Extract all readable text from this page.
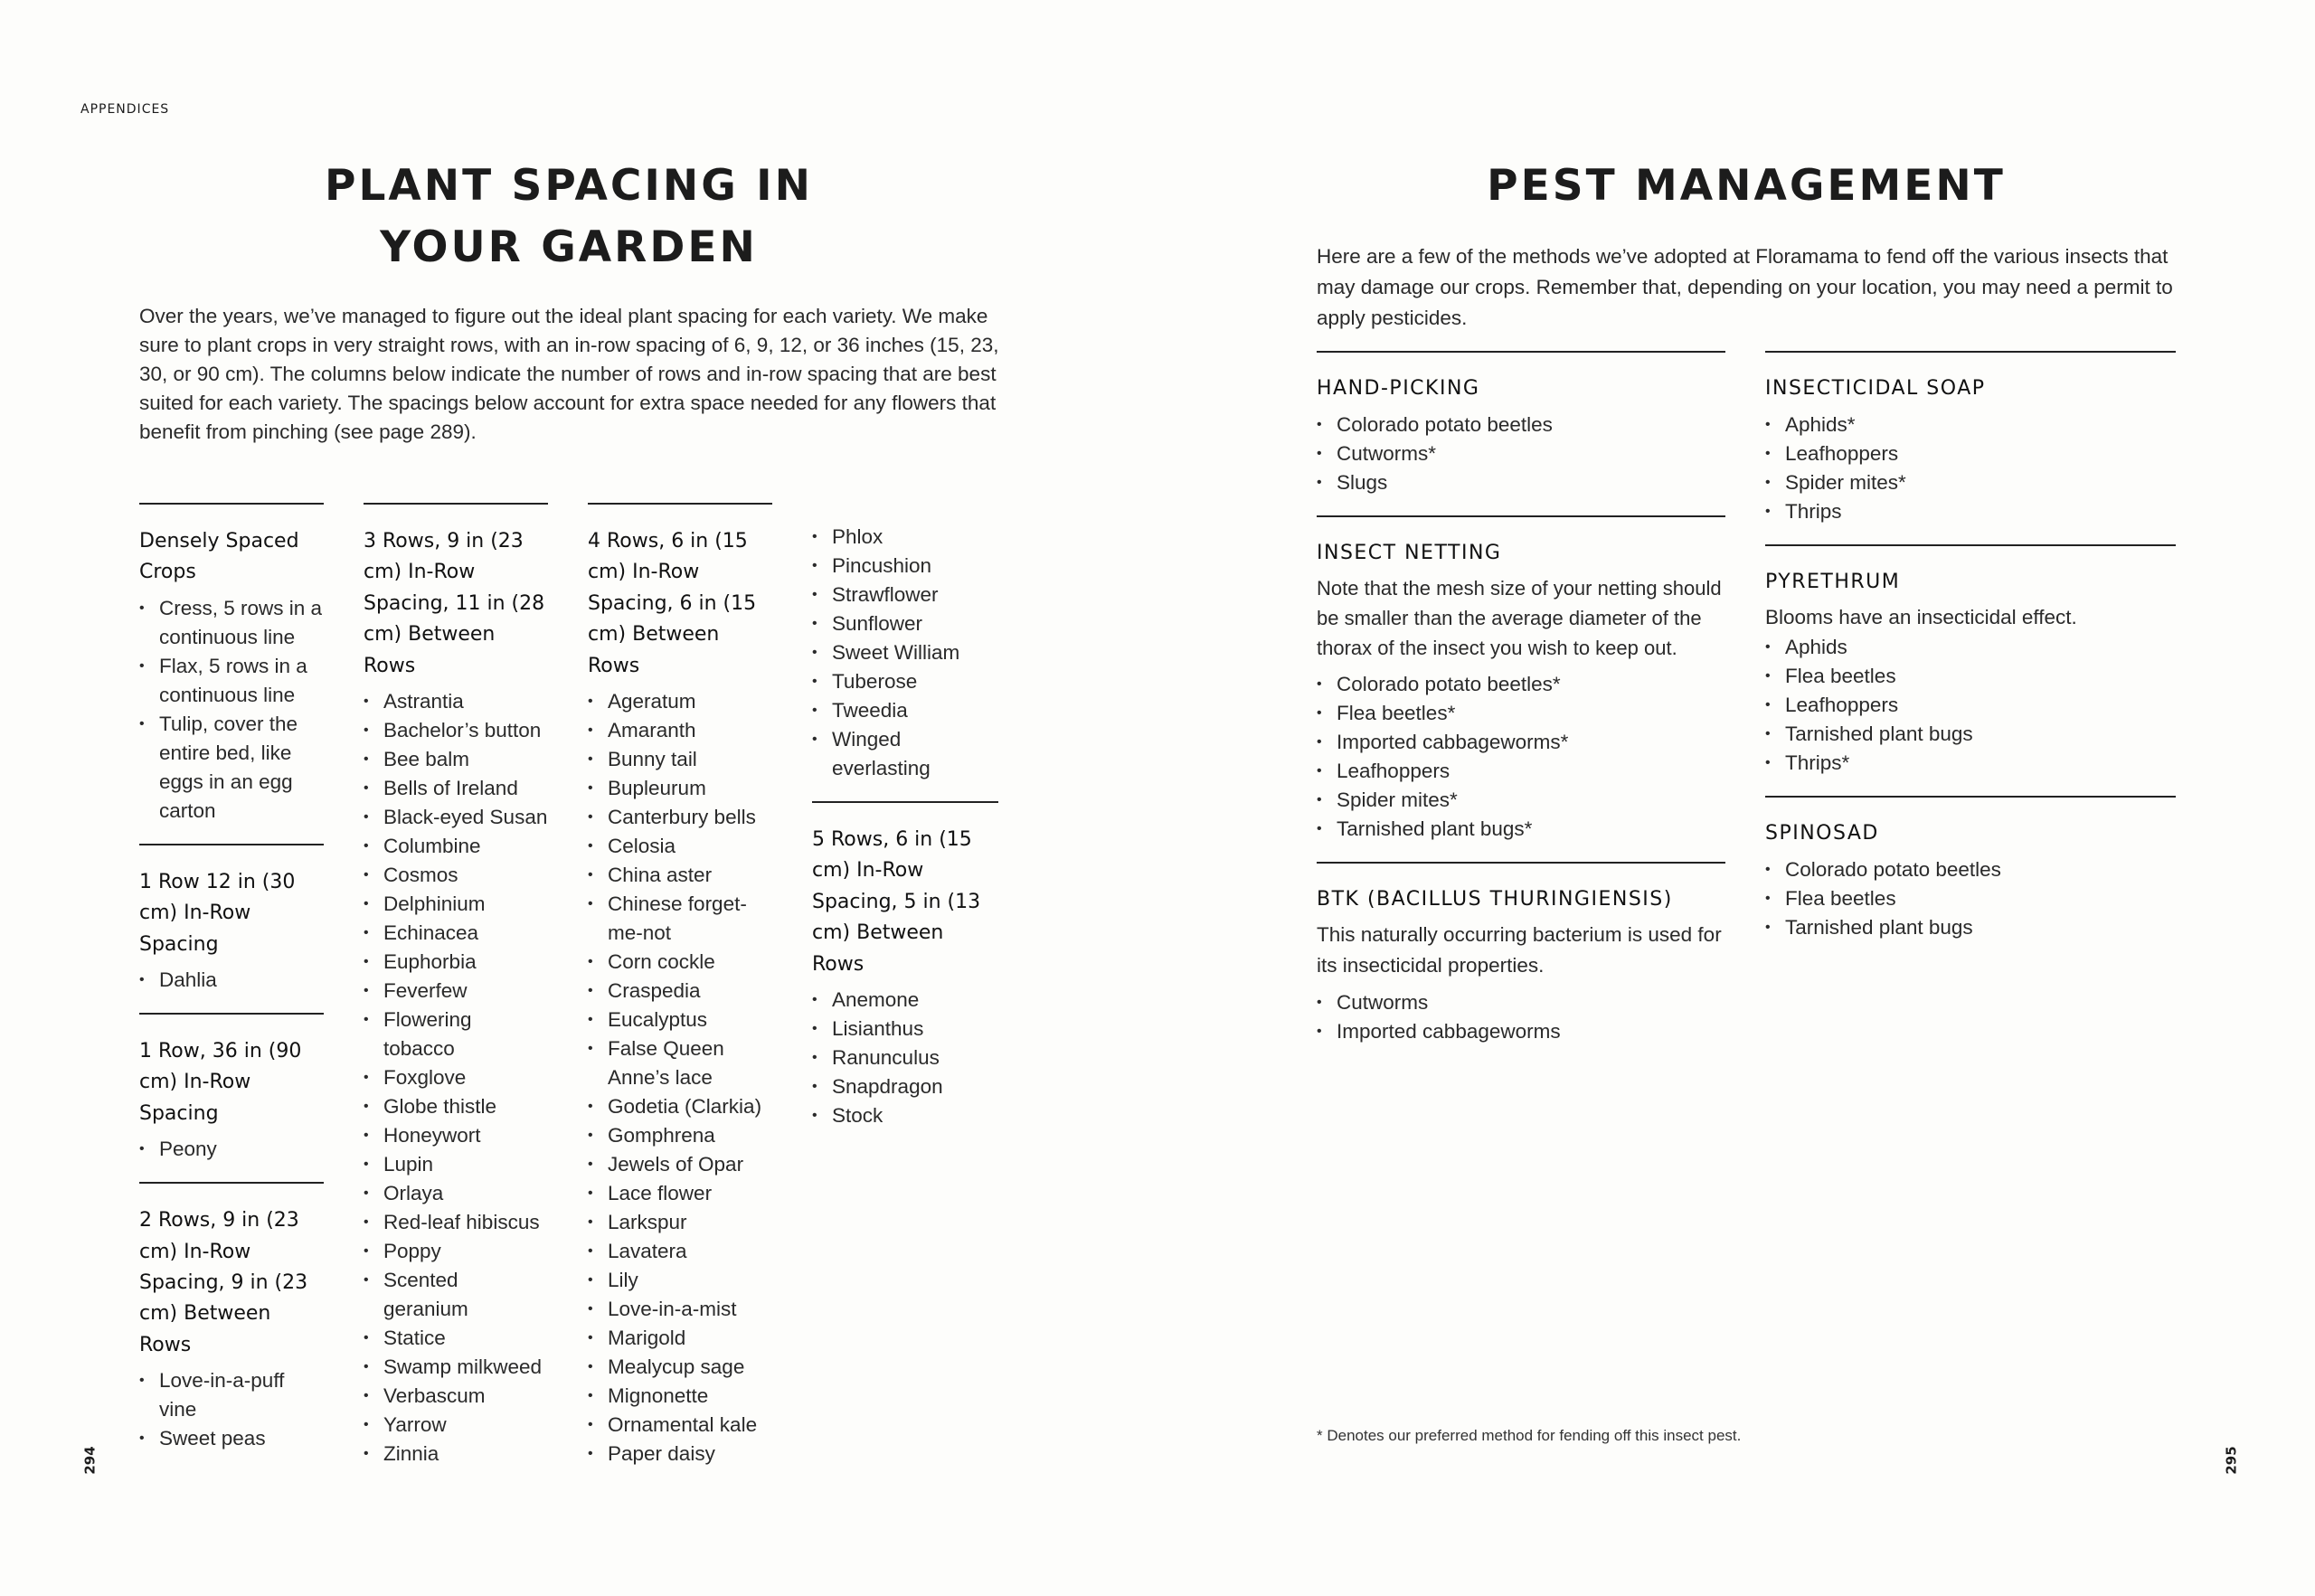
APPENDICES
PLANT SPACING IN
YOUR GARDEN

Over the years, we’ve managed to figure out the ideal plant spacing for each variety. We make sure to plant crops in very straight rows, with an in-row spacing of 6, 9, 12, or 36 inches (15, 23, 30, or 90 cm). The columns below indicate the number of rows and in-row spacing that are best suited for each variety. The spacings below account for extra space needed for any flowers that benefit from pinching (see page 289).

Densely Spaced Crops

• Cress, 5 rows in a continuous line
• Flax, 5 rows in a continuous line
• Tulip, cover the entire bed, like eggs in an egg carton

1 Row 12 in (30 cm) In-Row Spacing

• Dahlia

1 Row, 36 in (90 cm) In-Row Spacing

• Peony

2 Rows, 9 in (23 cm) In-Row Spacing, 9 in (23 cm) Between Rows

• Love-in-a-puff vine
• Sweet peas

3 Rows, 9 in (23 cm) In-Row Spacing, 11 in (28 cm) Between Rows

• Astrantia
• Bachelor’s button
• Bee balm
• Bells of Ireland
• Black-eyed Susan
• Columbine
• Cosmos
• Delphinium
• Echinacea
• Euphorbia
• Feverfew
• Flowering tobacco
• Foxglove
• Globe thistle
• Honeywort
• Lupin
• Orlaya
• Red-leaf hibiscus
• Poppy
• Scented geranium
• Statice
• Swamp milkweed
• Verbascum
• Yarrow
• Zinnia

4 Rows, 6 in (15 cm) In-Row Spacing, 6 in (15 cm) Between Rows

• Ageratum
• Amaranth
• Bunny tail
• Bupleurum
• Canterbury bells
• Celosia
• China aster
• Chinese forget-me-not
• Corn cockle
• Craspedia
• Eucalyptus
• False Queen Anne’s lace
• Godetia (Clarkia)
• Gomphrena
• Jewels of Opar
• Lace flower
• Larkspur
• Lavatera
• Lily
• Love-in-a-mist
• Marigold
• Mealycup sage
• Mignonette
• Ornamental kale
• Paper daisy
• Phlox
• Pincushion
• Strawflower
• Sunflower
• Sweet William
• Tuberose
• Tweedia
• Winged everlasting

5 Rows, 6 in (15 cm) In-Row Spacing, 5 in (13 cm) Between Rows

• Anemone
• Lisianthus
• Ranunculus
• Snapdragon
• Stock
294
PEST MANAGEMENT

Here are a few of the methods we’ve adopted at Floramama to fend off the various insects that may damage our crops. Remember that, depending on your location, you may need a permit to apply pesticides.

HAND-PICKING

• Colorado potato beetles
• Cutworms*
• Slugs

INSECT NETTING

Note that the mesh size of your netting should be smaller than the average diameter of the thorax of the insect you wish to keep out.

• Colorado potato beetles*
• Flea beetles*
• Imported cabbageworms*
• Leafhoppers
• Spider mites*
• Tarnished plant bugs*

BTK (BACILLUS THURINGIENSIS)

This naturally occurring bacterium is used for its insecticidal properties.

• Cutworms
• Imported cabbageworms

INSECTICIDAL SOAP

• Aphids*
• Leafhoppers
• Spider mites*
• Thrips

PYRETHRUM

Blooms have an insecticidal effect.

• Aphids
• Flea beetles
• Leafhoppers
• Tarnished plant bugs
• Thrips*

SPINOSAD

• Colorado potato beetles
• Flea beetles
• Tarnished plant bugs
* Denotes our preferred method for fending off this insect pest.
295
